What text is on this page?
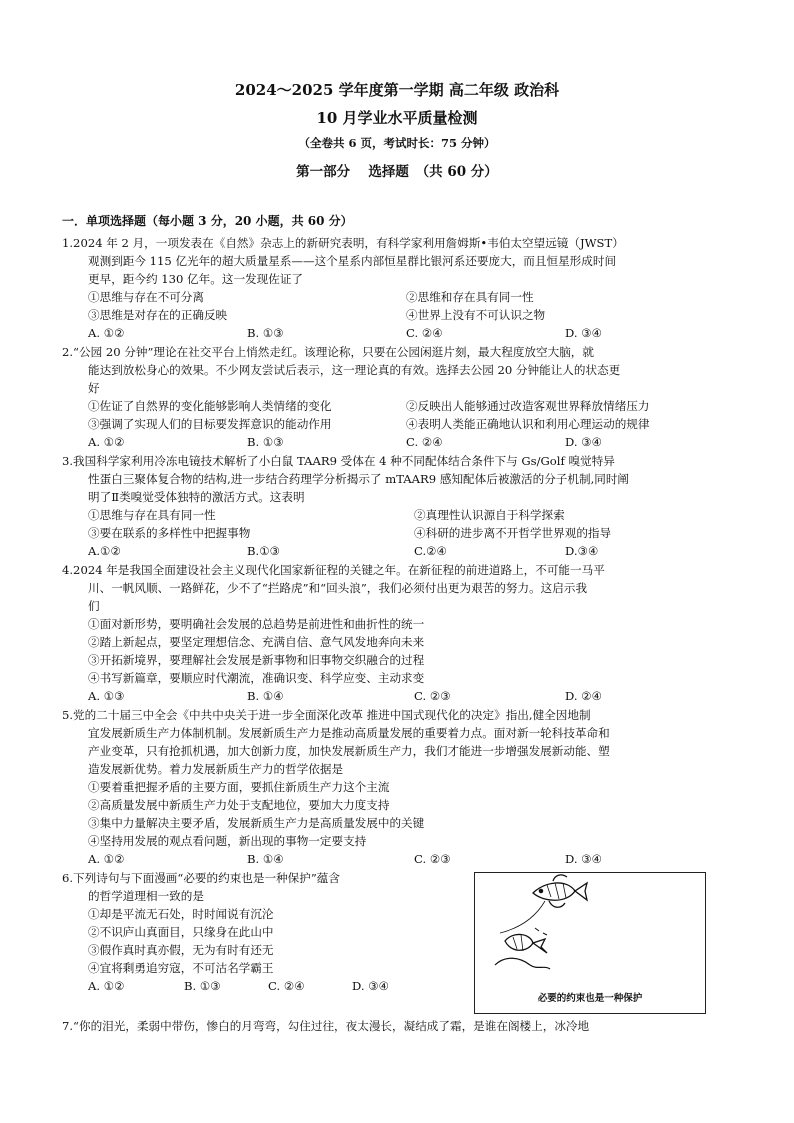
2024～2025 学年度第一学期 高二年级 政治科
10 月学业水平质量检测
（全卷共 6 页，考试时长：75 分钟）
第一部分　 选择题　（共 60 分）
一．单项选择题（每小题 3 分，20 小题，共 60 分）
1.2024 年 2 月，一项发表在《自然》杂志上的新研究表明，有科学家利用詹姆斯•韦伯太空望远镜（JWST）
观测到距今 115 亿光年的超大质量星系——这个星系内部恒星群比银河系还要庞大，而且恒星形成时间
更早，距今约 130 亿年。这一发现佐证了
①思维与存在不可分离	②思维和存在具有同一性
③思维是对存在的正确反映	④世界上没有不可认识之物
A. ①②	B. ①③	C. ②④	D. ③④
2.“公园 20 分钟”理论在社交平台上悄然走红。该理论称，只要在公园闲逛片刻，最大程度放空大脑，就
能达到放松身心的效果。不少网友尝试后表示，这一理论真的有效。选择去公园 20 分钟能让人的状态更
好
①佐证了自然界的变化能够影响人类情绪的变化	②反映出人能够通过改造客观世界释放情绪压力
③强调了实现人们的目标要发挥意识的能动作用	④表明人类能正确地认识和利用心理运动的规律
A. ①②	B. ①③	C. ②④	D. ③④
3.我国科学家利用冷冻电镜技术解析了小白鼠 TAAR9 受体在 4 种不同配体结合条件下与 Gs/Golf 嗅觉特异
性蛋白三聚体复合物的结构,进一步结合药理学分析揭示了 mTAAR9 感知配体后被激活的分子机制,同时阐
明了Ⅱ类嗅觉受体独特的激活方式。这表明
①思维与存在具有同一性	②真理性认识源自于科学探索
③要在联系的多样性中把握事物	④科研的进步离不开哲学世界观的指导
A.①②	B.①③	C.②④	D.③④
4.2024 年是我国全面建设社会主义现代化国家新征程的关键之年。在新征程的前进道路上，不可能一马平
川、一帆风顺、一路鲜花，少不了“拦路虎”和“回头浪”，我们必须付出更为艰苦的努力。这启示我
们
①面对新形势，要明确社会发展的总趋势是前进性和曲折性的统一
②踏上新起点，要坚定理想信念、充满自信、意气风发地奔向未来
③开拓新境界，要理解社会发展是新事物和旧事物交织融合的过程
④书写新篇章，要顺应时代潮流，准确识变、科学应变、主动求变
A. ①③	B. ①④	C. ②③	D. ②④
5.党的二十届三中全会《中共中央关于进一步全面深化改革 推进中国式现代化的决定》指出,健全因地制
宜发展新质生产力体制机制。发展新质生产力是推动高质量发展的重要着力点。面对新一轮科技革命和
产业变革，只有抢抓机遇，加大创新力度，加快发展新质生产力，我们才能进一步增强发展新动能、塑
造发展新优势。着力发展新质生产力的哲学依据是
①要着重把握矛盾的主要方面，要抓住新质生产力这个主流
②高质量发展中新质生产力处于支配地位，要加大力度支持
③集中力量解决主要矛盾，发展新质生产力是高质量发展中的关键
④坚持用发展的观点看问题，新出现的事物一定要支持
A. ①②	B. ①④	C. ②③	D. ③④
6.下列诗句与下面漫画“必要的约束也是一种保护”蕴含
的哲学道理相一致的是
①却是平流无石处，时时闻说有沉沦
②不识庐山真面目，只缘身在此山中
③假作真时真亦假，无为有时有还无
④宜将剩勇追穷寇，不可沽名学霸王
A. ①②	B. ①③	C. ②④	D. ③④
必要的约束也是一种保护
7.“你的泪光，柔弱中带伤，惨白的月弯弯，勾住过往，夜太漫长，凝结成了霜，是谁在阁楼上，冰冷地
